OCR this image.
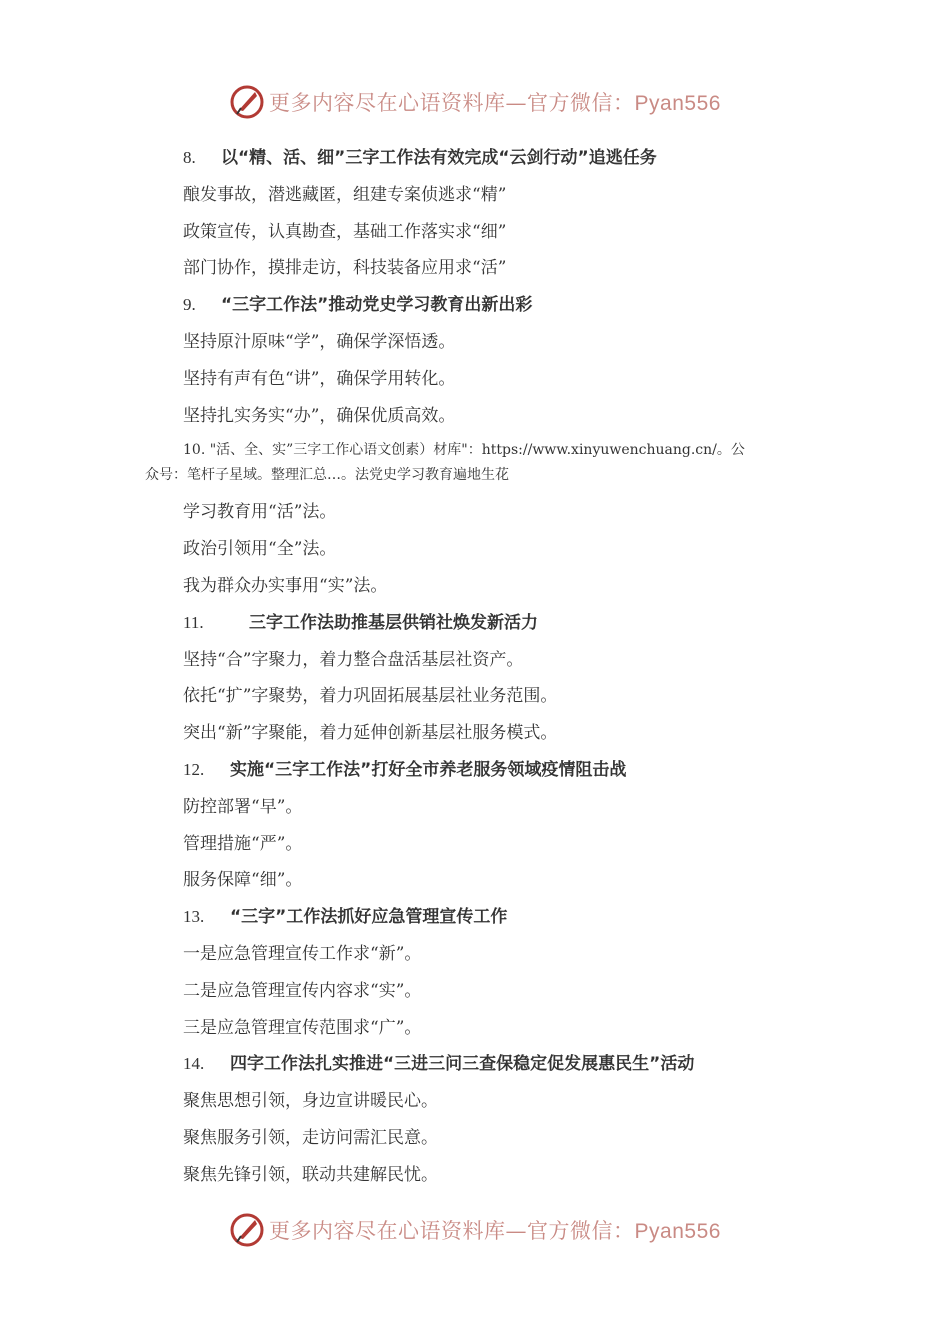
更多内容尽在心语资料库—官方微信：Pyan556
8. 以“精、活、细”三字工作法有效完成“云剑行动”追逃任务
酿发事故，潜逃藏匿，组建专案侦逃求“精”
政策宣传，认真勘查，基础工作落实求“细”
部门协作，摸排走访，科技装备应用求“活”
9. “三字工作法”推动党史学习教育出新出彩
坚持原汁原味“学”，确保学深悟透。
坚持有声有色“讲”，确保学用转化。
坚持扎实务实“办”，确保优质高效。
10. "活、全、实”三字工作心语文创素）材库"：https://www.xinyuwenchuang.cn/。公
众号：笔杆子星域。整理汇总…。法党史学习教育遍地生花
学习教育用“活”法。
政治引领用“全”法。
我为群众办实事用“实”法。
11.	三字工作法助推基层供销社焕发新活力
坚持“合”字聚力，着力整合盘活基层社资产。
依托“扩”字聚势，着力巩固拓展基层社业务范围。
突出“新”字聚能，着力延伸创新基层社服务模式。
12. 实施“三字工作法”打好全市养老服务领域疫情阻击战
防控部署“早”。
管理措施“严”。
服务保障“细”。
13. “三字”工作法抓好应急管理宣传工作
一是应急管理宣传工作求“新”。
二是应急管理宣传内容求“实”。
三是应急管理宣传范围求“广”。
14. 四字工作法扎实推进“三进三问三查保稳定促发展惠民生”活动
聚焦思想引领，身边宣讲暖民心。
聚焦服务引领，走访问需汇民意。
聚焦先锋引领，联动共建解民忧。
更多内容尽在心语资料库—官方微信：Pyan556
